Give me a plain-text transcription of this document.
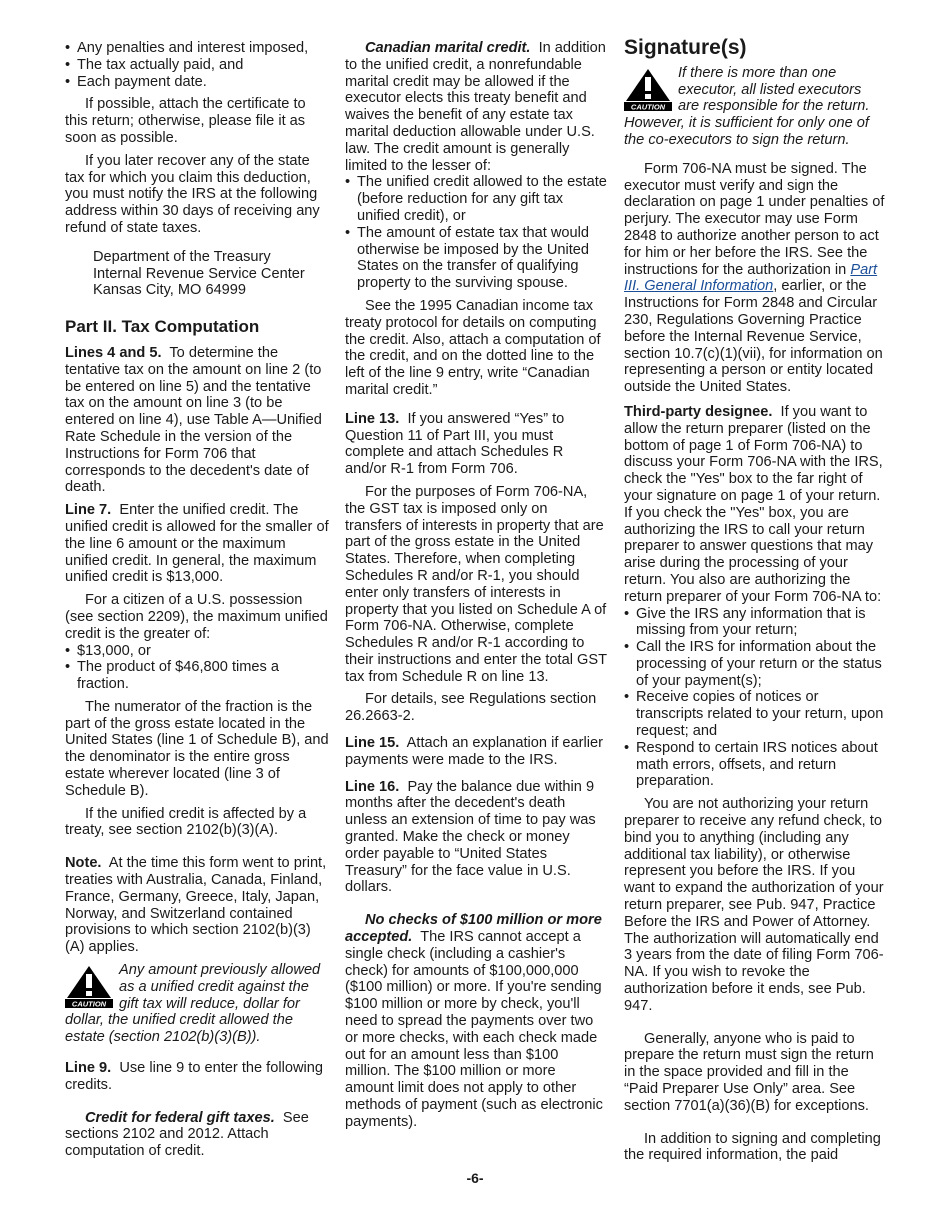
• Any penalties and interest imposed,

• The tax actually paid, and

• Each payment date.

If possible, attach the certificate to this return; otherwise, please file it as soon as possible.

If you later recover any of the state tax for which you claim this deduction, you must notify the IRS at the following address within 30 days of receiving any refund of state taxes.

Department of the Treasury
Internal Revenue Service Center
Kansas City, MO 64999
Part II. Tax Computation

Lines 4 and 5. To determine the tentative tax on the amount on line 2 (to be entered on line 5) and the tentative tax on the amount on line 3 (to be entered on line 4), use Table A—Unified Rate Schedule in the version of the Instructions for Form 706 that corresponds to the decedent's date of death.

Line 7. Enter the unified credit. The unified credit is allowed for the smaller of the line 6 amount or the maximum unified credit. In general, the maximum unified credit is $13,000.

For a citizen of a U.S. possession (see section 2209), the maximum unified credit is the greater of:

• $13,000, or

• The product of $46,800 times a fraction.

The numerator of the fraction is the part of the gross estate located in the United States (line 1 of Schedule B), and the denominator is the entire gross estate wherever located (line 3 of Schedule B).

If the unified credit is affected by a treaty, see section 2102(b)(3)(A).

Note. At the time this form went to print, treaties with Australia, Canada, Finland, France, Germany, Greece, Italy, Japan, Norway, and Switzerland contained provisions to which section 2102(b)(3)(A) applies.

CAUTION
Any amount previously allowed as a unified credit against the gift tax will reduce, dollar for dollar, the unified credit allowed the estate (section 2102(b)(3)(B)).

Line 9. Use line 9 to enter the following credits.

Credit for federal gift taxes. See sections 2102 and 2012. Attach computation of credit.

Canadian marital credit. In addition to the unified credit, a nonrefundable marital credit may be allowed if the executor elects this treaty benefit and waives the benefit of any estate tax marital deduction allowable under U.S. law. The credit amount is generally limited to the lesser of:

• The unified credit allowed to the estate (before reduction for any gift tax unified credit), or

• The amount of estate tax that would otherwise be imposed by the United States on the transfer of qualifying property to the surviving spouse.

See the 1995 Canadian income tax treaty protocol for details on computing the credit. Also, attach a computation of the credit, and on the dotted line to the left of the line 9 entry, write “Canadian marital credit.”

Line 13. If you answered “Yes” to Question 11 of Part III, you must complete and attach Schedules R and/or R-1 from Form 706.

For the purposes of Form 706-NA, the GST tax is imposed only on transfers of interests in property that are part of the gross estate in the United States. Therefore, when completing Schedules R and/or R-1, you should enter only transfers of interests in property that you listed on Schedule A of Form 706-NA. Otherwise, complete Schedules R and/or R-1 according to their instructions and enter the total GST tax from Schedule R on line 13.

For details, see Regulations section 26.2663-2.

Line 15. Attach an explanation if earlier payments were made to the IRS.

Line 16. Pay the balance due within 9 months after the decedent's death unless an extension of time to pay was granted. Make the check or money order payable to “United States Treasury” for the face value in U.S. dollars.

No checks of $100 million or more accepted. The IRS cannot accept a single check (including a cashier's check) for amounts of $100,000,000 ($100 million) or more. If you're sending $100 million or more by check, you'll need to spread the payments over two or more checks, with each check made out for an amount less than $100 million. The $100 million or more amount limit does not apply to other methods of payment (such as electronic payments).

Signature(s)
CAUTION
If there is more than one executor, all listed executors are responsible for the return. However, it is sufficient for only one of the co-executors to sign the return.

Form 706-NA must be signed. The executor must verify and sign the declaration on page 1 under penalties of perjury. The executor may use Form 2848 to authorize another person to act for him or her before the IRS. See the instructions for the authorization in Part III. General Information, earlier, or the Instructions for Form 2848 and Circular 230, Regulations Governing Practice before the Internal Revenue Service, section 10.7(c)(1)(vii), for information on representing a person or entity located outside the United States.

Third-party designee. If you want to allow the return preparer (listed on the bottom of page 1 of Form 706-NA) to discuss your Form 706-NA with the IRS, check the "Yes" box to the far right of your signature on page 1 of your return. If you check the "Yes" box, you are authorizing the IRS to call your return preparer to answer questions that may arise during the processing of your return. You also are authorizing the return preparer of your Form 706-NA to:

• Give the IRS any information that is missing from your return;

• Call the IRS for information about the processing of your return or the status of your payment(s);

• Receive copies of notices or transcripts related to your return, upon request; and

• Respond to certain IRS notices about math errors, offsets, and return preparation.

You are not authorizing your return preparer to receive any refund check, to bind you to anything (including any additional tax liability), or otherwise represent you before the IRS. If you want to expand the authorization of your return preparer, see Pub. 947, Practice Before the IRS and Power of Attorney. The authorization will automatically end 3 years from the date of filing Form 706-NA. If you wish to revoke the authorization before it ends, see Pub. 947.

Generally, anyone who is paid to prepare the return must sign the return in the space provided and fill in the “Paid Preparer Use Only” area. See section 7701(a)(36)(B) for exceptions.

In addition to signing and completing the required information, the paid

-6-
